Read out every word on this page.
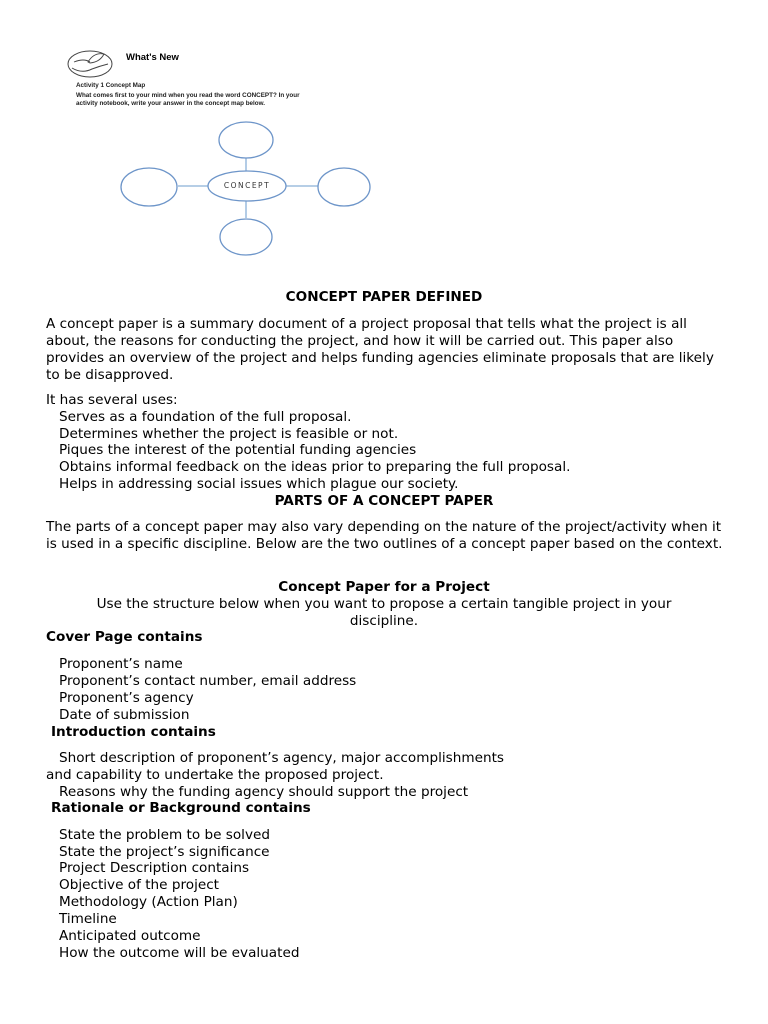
What's New
Activity 1 Concept Map
What comes first to your mind when you read the word CONCEPT? In your
activity notebook, write your answer in the concept map below.
CONCEPT
CONCEPT PAPER DEFINED
A concept paper is a summary document of a project proposal that tells what the project is all about, the reasons for conducting the project, and how it will be carried out. This paper also provides an overview of the project and helps funding agencies eliminate proposals that are likely to be disapproved.
It has several uses:
Serves as a foundation of the full proposal.
Determines whether the project is feasible or not.
Piques the interest of the potential funding agencies
Obtains informal feedback on the ideas prior to preparing the full proposal.
Helps in addressing social issues which plague our society.
PARTS OF A CONCEPT PAPER
The parts of a concept paper may also vary depending on the nature of the project/activity when it is used in a specific discipline. Below are the two outlines of a concept paper based on the context.
Concept Paper for a Project
Use the structure below when you want to propose a certain tangible project in your
discipline.
Cover Page contains
Proponent’s name
Proponent’s contact number, email address
Proponent’s agency
Date of submission
Introduction contains
Short description of proponent’s agency, major accomplishments
and capability to undertake the proposed project.
Reasons why the funding agency should support the project
Rationale or Background contains
State the problem to be solved
State the project’s significance
Project Description contains
Objective of the project
Methodology (Action Plan)
Timeline
Anticipated outcome
How the outcome will be evaluated
